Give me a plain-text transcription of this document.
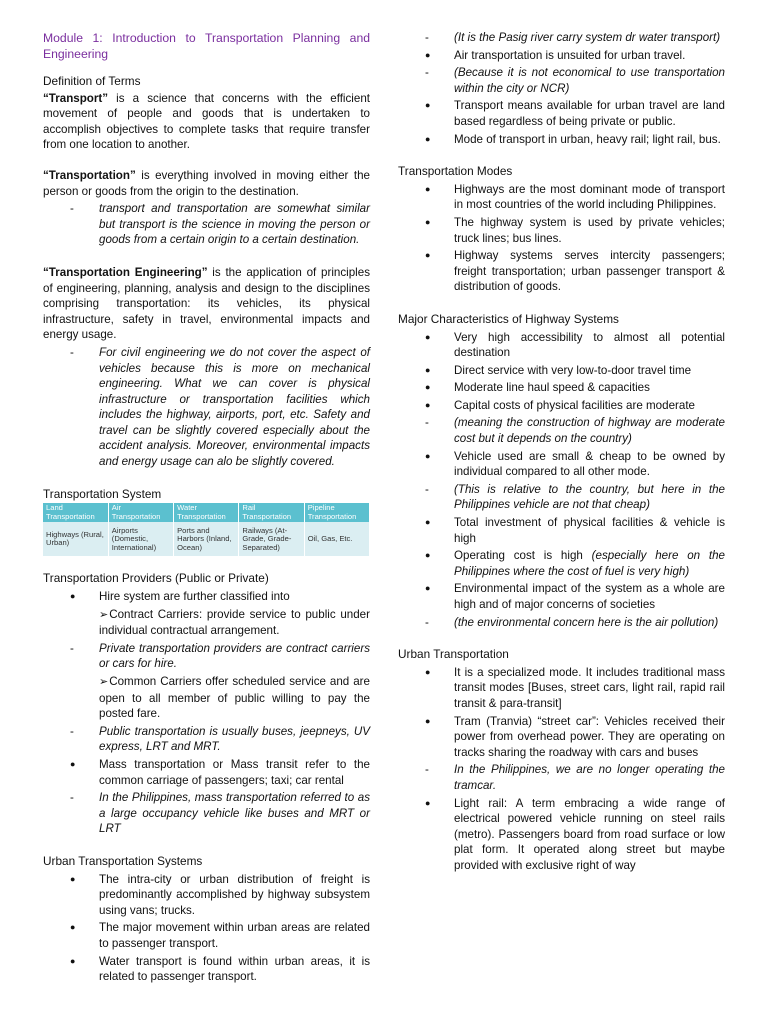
Module 1: Introduction to Transportation Planning and Engineering
Definition of Terms

“Transport” is a science that concerns with the efficient movement of people and goods that is undertaken to accomplish objectives to complete tasks that require transfer from one location to another.

“Transportation” is everything involved in moving either the person or goods from the origin to the destination.

- transport and transportation are somewhat similar but transport is the science in moving the person or goods from a certain origin to a certain destination.

“Transportation Engineering” is the application of principles of engineering, planning, analysis and design to the disciplines comprising transportation: its vehicles, its physical infrastructure, safety in travel, environmental impacts and energy usage.

- For civil engineering we do not cover the aspect of vehicles because this is more on mechanical engineering. What we can cover is physical infrastructure or transportation facilities which includes the highway, airports, port, etc. Safety and travel can be slightly covered especially about the accident analysis. Moreover, environmental impacts and energy usage can alo be slightly covered.
Transportation System
Land Transportation	Air Transportation	Water Transportation	Rail Transportation	Pipeline Transportation
Highways (Rural, Urban)	Airports (Domestic, International)	Ports and Harbors (Inland, Ocean)	Railways (At-Grade, Grade-Separated)	Oil, Gas, Etc.
Transportation Providers (Public or Private)
● Hire system are further classified into
➢ Contract Carriers: provide service to public under individual contractual arrangement.
- Private transportation providers are contract carriers or cars for hire.
➢ Common Carriers offer scheduled service and are open to all member of public willing to pay the posted fare.
- Public transportation is usually buses, jeepneys, UV express, LRT and MRT.
● Mass transportation or Mass transit refer to the common carriage of passengers; taxi; car rental
- In the Philippines, mass transportation referred to as a large occupancy vehicle like buses and MRT or LRT
Urban Transportation Systems
● The intra-city or urban distribution of freight is predominantly accomplished by highway subsystem using vans; trucks.
● The major movement within urban areas are related to passenger transport.
● Water transport is found within urban areas, it is related to passenger transport.
- (It is the Pasig river carry system dr water transport)
● Air transportation is unsuited for urban travel.
- (Because it is not economical to use transportation within the city or NCR)
● Transport means available for urban travel are land based regardless of being private or public.
● Mode of transport in urban, heavy rail; light rail, bus.
Transportation Modes
● Highways are the most dominant mode of transport in most countries of the world including Philippines.
● The highway system is used by private vehicles; truck lines; bus lines.
● Highway systems serves intercity passengers; freight transportation; urban passenger transport & distribution of goods.
Major Characteristics of Highway Systems
● Very high accessibility to almost all potential destination
● Direct service with very low-to-door travel time
● Moderate line haul speed & capacities
● Capital costs of physical facilities are moderate
- (meaning the construction of highway are moderate cost but it depends on the country)
● Vehicle used are small & cheap to be owned by individual compared to all other mode.
- (This is relative to the country, but here in the Philippines vehicle are not that cheap)
● Total investment of physical facilities & vehicle is high
● Operating cost is high (especially here on the Philippines where the cost of fuel is very high)
● Environmental impact of the system as a whole are high and of major concerns of societies
- (the environmental concern here is the air pollution)
Urban Transportation
● It is a specialized mode. It includes traditional mass transit modes [Buses, street cars, light rail, rapid rail transit & para-transit]
● Tram (Tranvia) “street car”: Vehicles received their power from overhead power. They are operating on tracks sharing the roadway with cars and buses
- In the Philippines, we are no longer operating the tramcar.
● Light rail: A term embracing a wide range of electrical powered vehicle running on steel rails (metro). Passengers board from road surface or low plat form. It operated along street but maybe provided with exclusive right of way
